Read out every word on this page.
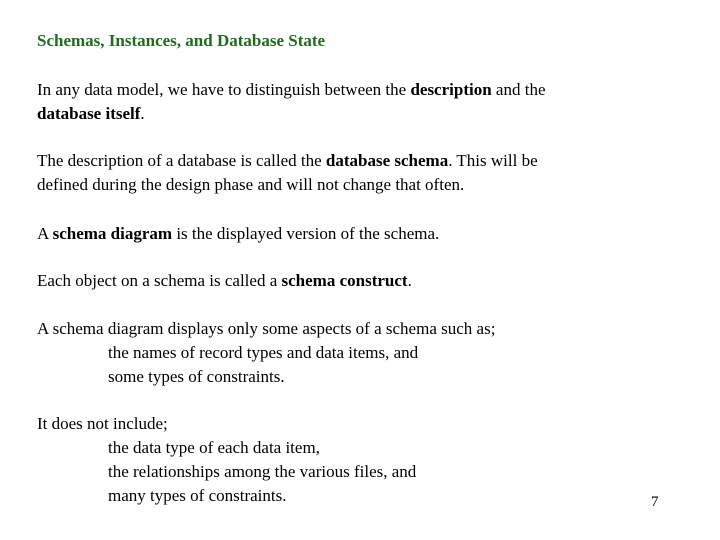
Schemas, Instances, and Database State
In any data model, we have to distinguish between the description and the
database itself.
The description of a database is called the database schema. This will be
defined during the design phase and will not change that often.
A schema diagram is the displayed version of the schema.
Each object on a schema is called a schema construct.
A schema diagram displays only some aspects of a schema such as;
the names of record types and data items, and
some types of constraints.
It does not include;
the data type of each data item,
the relationships among the various files, and
many types of constraints.	7
